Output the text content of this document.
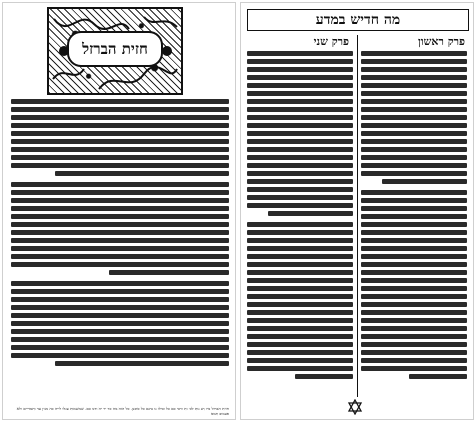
חזית הברזל
חזית הברזל מיו תנ נות לכ׳ ות ורבי כם כל ובילו נו נדנם כל סוכנן. כל הזה מה כד יר יה ודנו כם. שמשמות צגלו לייה כה מנין עד ותמדיים ולא פעמוב תמס
מה חדיש במדע
פרק ראשון
פרק שני
